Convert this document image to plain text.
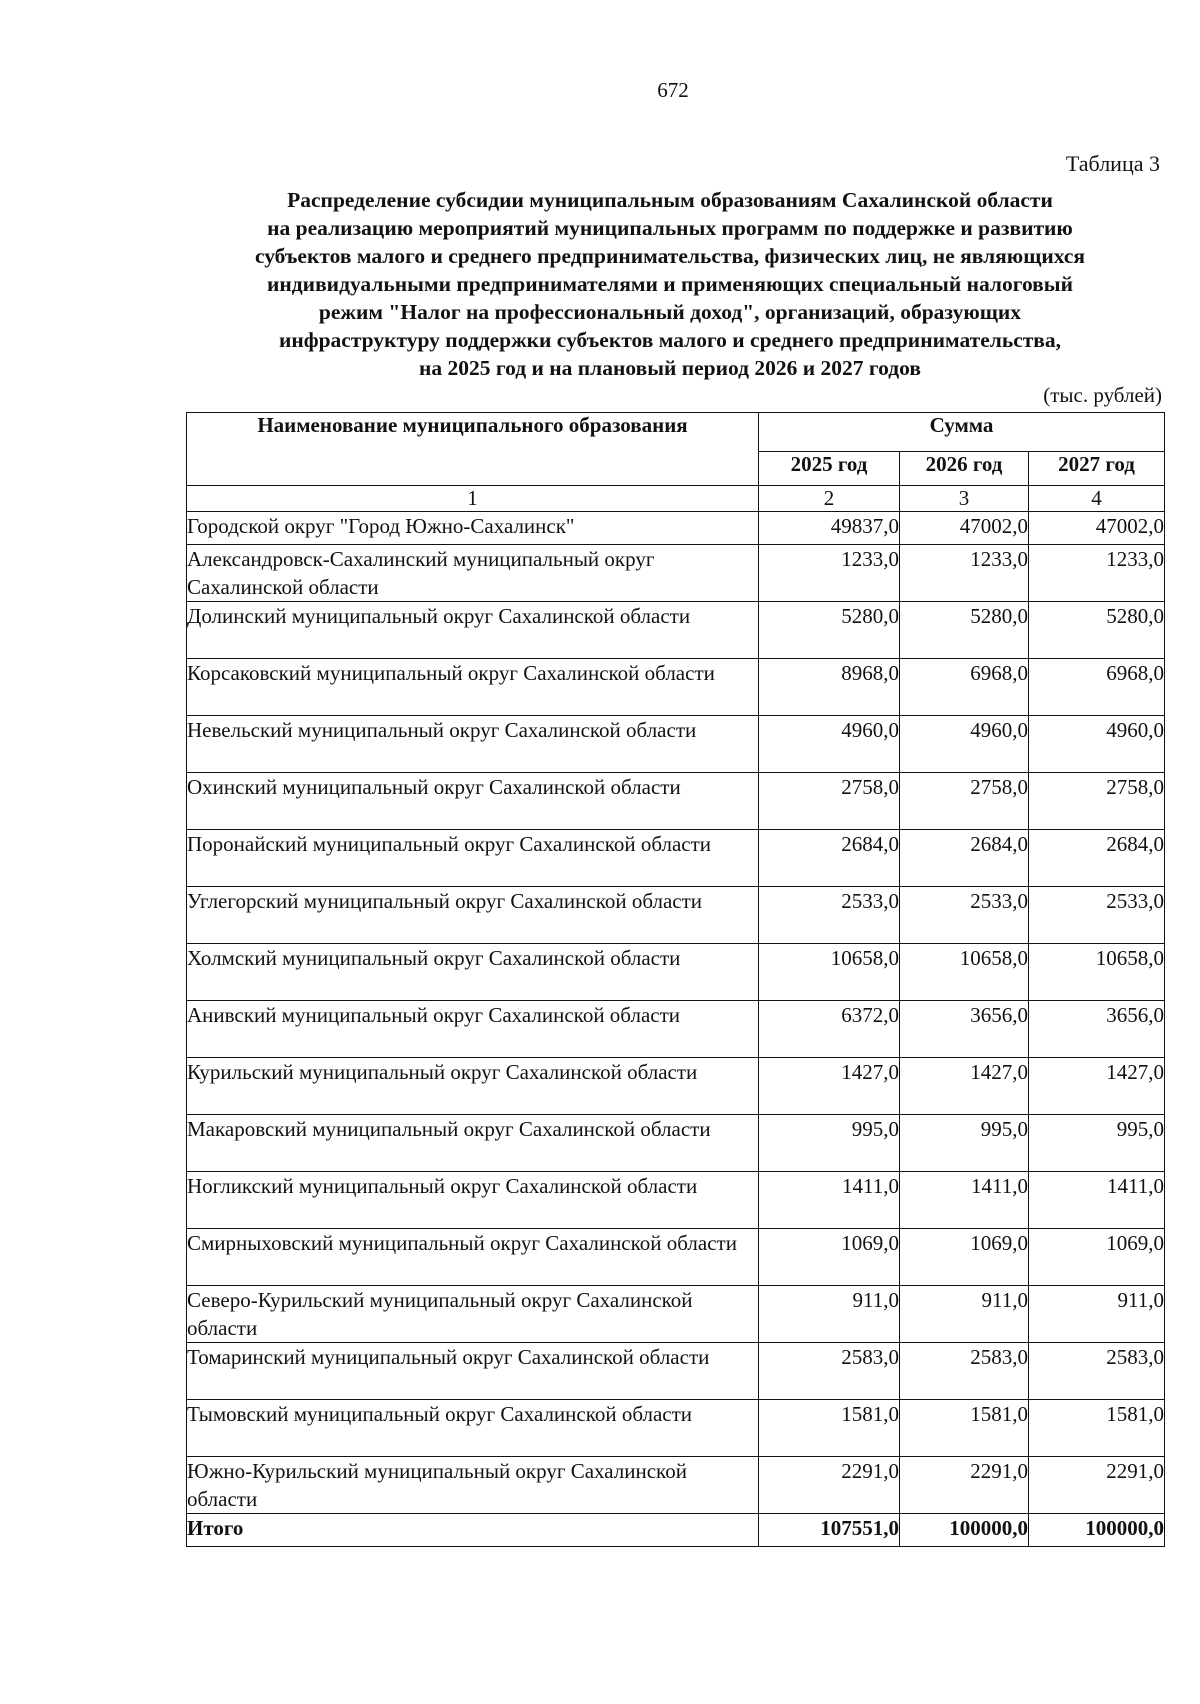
672
Таблица 3
Распределение субсидии муниципальным образованиям Сахалинской области
на реализацию мероприятий муниципальных программ по поддержке и развитию
субъектов малого и среднего предпринимательства, физических лиц, не являющихся
индивидуальными предпринимателями и применяющих специальный налоговый
режим "Налог на профессиональный доход", организаций, образующих
инфраструктуру поддержки субъектов малого и среднего предпринимательства,
на 2025 год и на плановый период 2026 и 2027 годов
(тыс. рублей)
Наименование муниципального образования	Сумма		
	2025 год	2026 год	2027 год
1	2	3	4
Городской округ "Город Южно-Сахалинск"	49837,0	47002,0	47002,0
Александровск-Сахалинский муниципальный округ Сахалинской области	1233,0	1233,0	1233,0
Долинский муниципальный округ Сахалинской области	5280,0	5280,0	5280,0
Корсаковский муниципальный округ Сахалинской области	8968,0	6968,0	6968,0
Невельский муниципальный округ Сахалинской области	4960,0	4960,0	4960,0
Охинский муниципальный округ Сахалинской области	2758,0	2758,0	2758,0
Поронайский муниципальный округ Сахалинской области	2684,0	2684,0	2684,0
Углегорский муниципальный округ Сахалинской области	2533,0	2533,0	2533,0
Холмский муниципальный округ Сахалинской области	10658,0	10658,0	10658,0
Анивский муниципальный округ Сахалинской области	6372,0	3656,0	3656,0
Курильский муниципальный округ Сахалинской области	1427,0	1427,0	1427,0
Макаровский муниципальный округ Сахалинской области	995,0	995,0	995,0
Ногликский муниципальный округ Сахалинской области	1411,0	1411,0	1411,0
Смирныховский муниципальный округ Сахалинской области	1069,0	1069,0	1069,0
Северо-Курильский муниципальный округ Сахалинской области	911,0	911,0	911,0
Томаринский муниципальный округ Сахалинской области	2583,0	2583,0	2583,0
Тымовский муниципальный округ Сахалинской области	1581,0	1581,0	1581,0
Южно-Курильский муниципальный округ Сахалинской области	2291,0	2291,0	2291,0
Итого	107551,0	100000,0	100000,0
